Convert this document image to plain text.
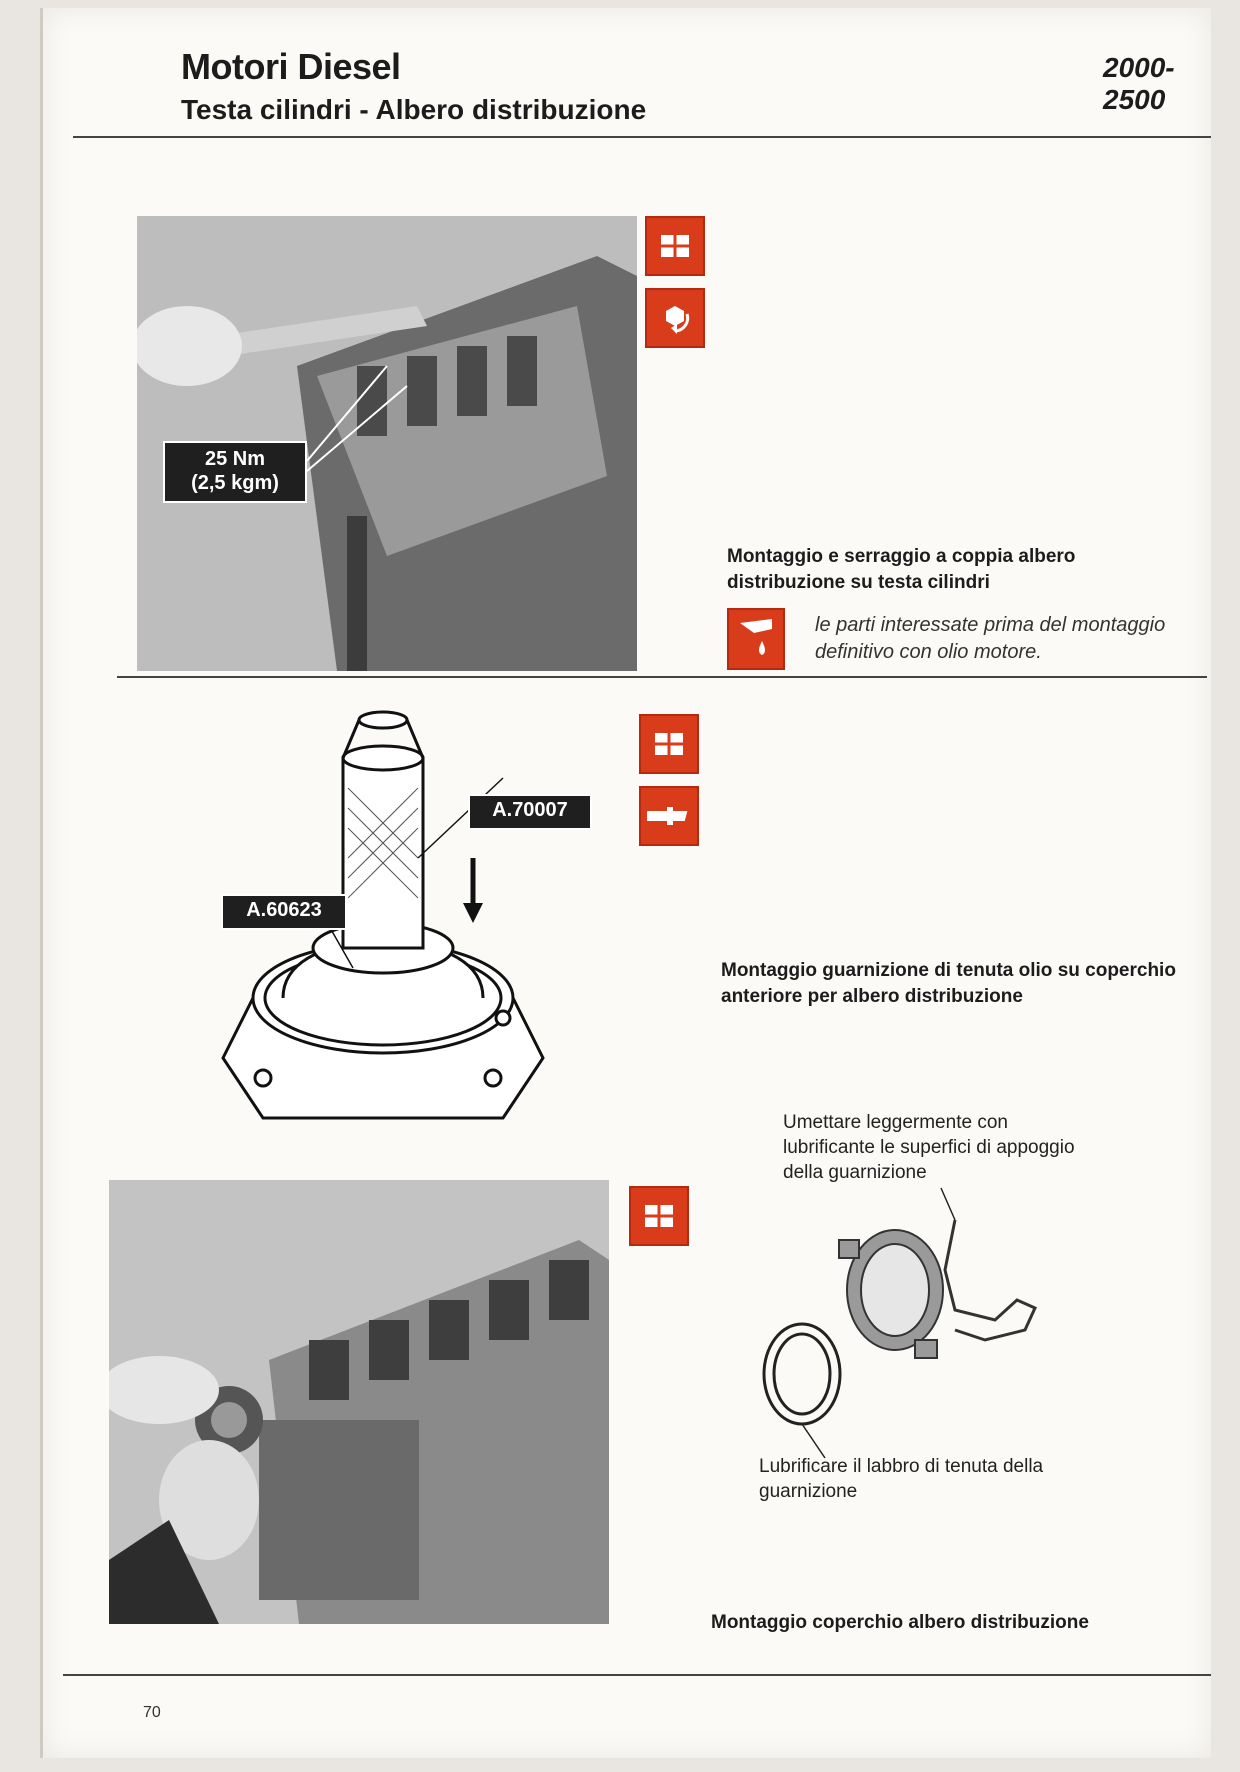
Motori Diesel
Testa cilindri - Albero distribuzione
2000-2500
25 Nm
(2,5 kgm)
Montaggio e serraggio a coppia albero distribuzione su testa cilindri
le parti interessate prima del montaggio definitivo con olio motore.
A.70007
A.60623
Montaggio guarnizione di tenuta olio su coperchio anteriore per albero distribuzione
Umettare leggermente con lubrificante le superfici di appoggio della guarnizione
Lubrificare il labbro di tenuta della guarnizione
Montaggio coperchio albero distribuzione
70
